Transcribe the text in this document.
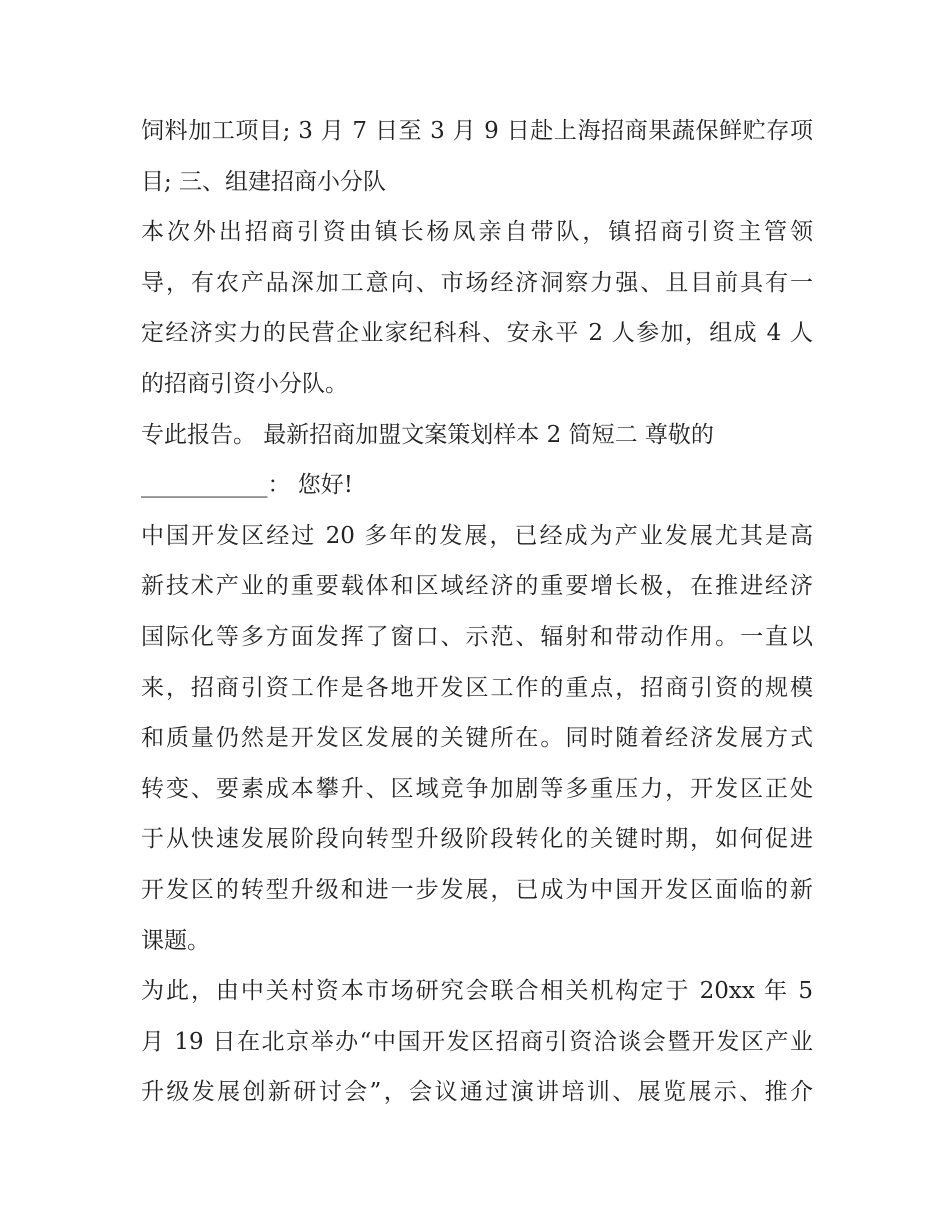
饲料加工项目; 3 月 7 日至 3 月 9 日赴上海招商果蔬保鲜贮存项
目; 三、组建招商小分队
本次外出招商引资由镇长杨凤亲自带队，镇招商引资主管领
导，有农产品深加工意向、市场经济洞察力强、且目前具有一
定经济实力的民营企业家纪科科、安永平 2 人参加，组成 4 人
的招商引资小分队。
专此报告。 最新招商加盟文案策划样本 2 简短二 尊敬的
___________： 您好!
中国开发区经过 20 多年的发展，已经成为产业发展尤其是高
新技术产业的重要载体和区域经济的重要增长极，在推进经济
国际化等多方面发挥了窗口、示范、辐射和带动作用。一直以
来，招商引资工作是各地开发区工作的重点，招商引资的规模
和质量仍然是开发区发展的关键所在。同时随着经济发展方式
转变、要素成本攀升、区域竞争加剧等多重压力，开发区正处
于从快速发展阶段向转型升级阶段转化的关键时期，如何促进
开发区的转型升级和进一步发展，已成为中国开发区面临的新
课题。
为此，由中关村资本市场研究会联合相关机构定于 20xx 年 5
月 19 日在北京举办“中国开发区招商引资洽谈会暨开发区产业
升级发展创新研讨会”，会议通过演讲培训、展览展示、推介
